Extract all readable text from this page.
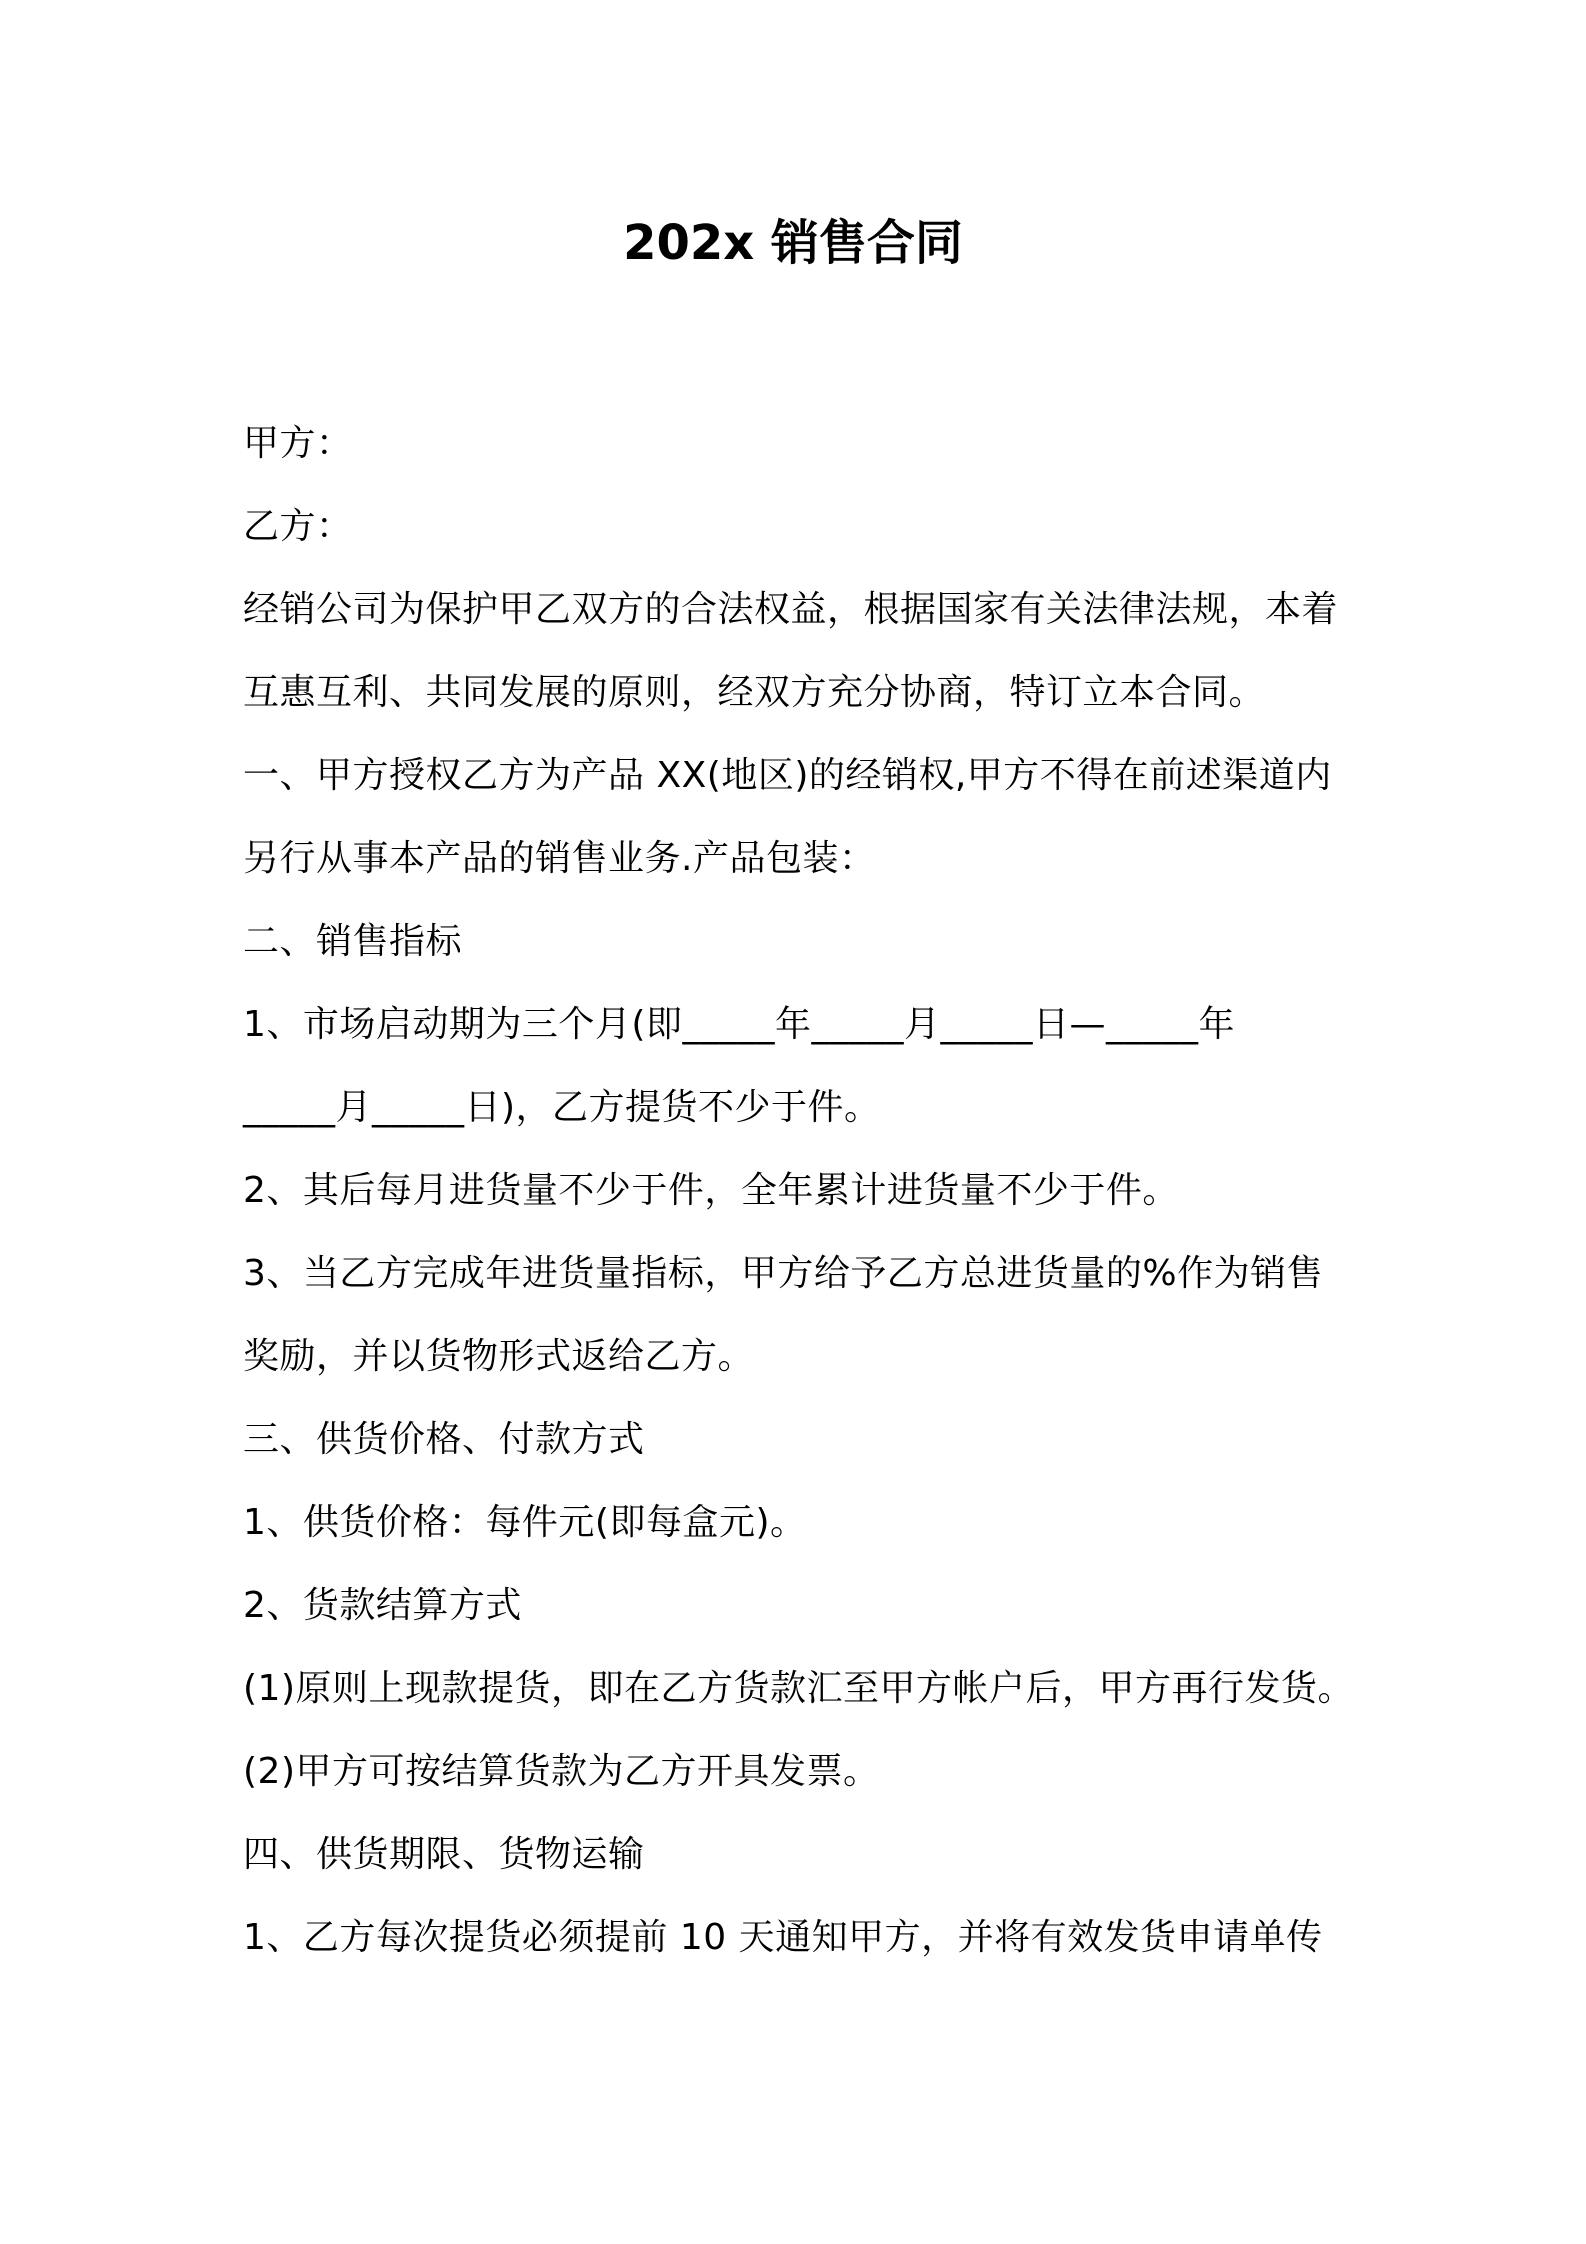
202x 销售合同
甲方：
乙方：
经销公司为保护甲乙双方的合法权益，根据国家有关法律法规，本着
互惠互利、共同发展的原则，经双方充分协商，特订立本合同。
一、甲方授权乙方为产品 XX(地区)的经销权,甲方不得在前述渠道内
另行从事本产品的销售业务.产品包装：
二、销售指标
1、市场启动期为三个月(即_____年_____月_____日—_____年
_____月_____日)，乙方提货不少于件。
2、其后每月进货量不少于件，全年累计进货量不少于件。
3、当乙方完成年进货量指标，甲方给予乙方总进货量的%作为销售
奖励，并以货物形式返给乙方。
三、供货价格、付款方式
1、供货价格：每件元(即每盒元)。
2、货款结算方式
(1)原则上现款提货，即在乙方货款汇至甲方帐户后，甲方再行发货。
(2)甲方可按结算货款为乙方开具发票。
四、供货期限、货物运输
1、乙方每次提货必须提前 10 天通知甲方，并将有效发货申请单传
